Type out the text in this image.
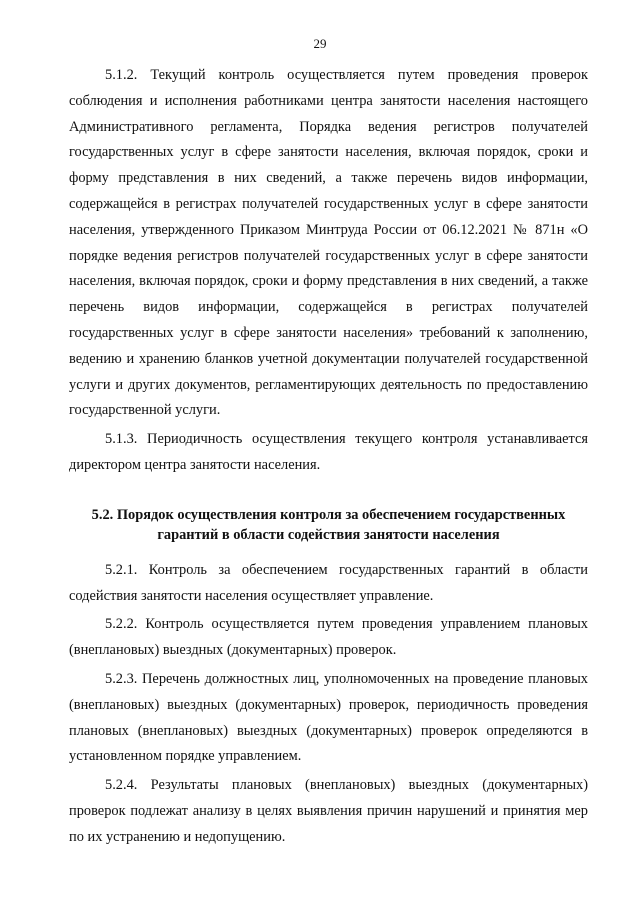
29

5.1.2. Текущий контроль осуществляется путем проведения проверок соблюдения и исполнения работниками центра занятости населения настоящего Административного регламента, Порядка ведения регистров получателей государственных услуг в сфере занятости населения, включая порядок, сроки и форму представления в них сведений, а также перечень видов информации, содержащейся в регистрах получателей государственных услуг в сфере занятости населения, утвержденного Приказом Минтруда России от 06.12.2021 № 871н «О порядке ведения регистров получателей государственных услуг в сфере занятости населения, включая порядок, сроки и форму представления в них сведений, а также перечень видов информации, содержащейся в регистрах получателей государственных услуг в сфере занятости населения» требований к заполнению, ведению и хранению бланков учетной документации получателей государственной услуги и других документов, регламентирующих деятельность по предоставлению государственной услуги.

5.1.3. Периодичность осуществления текущего контроля устанавливается директором центра занятости населения.

5.2. Порядок осуществления контроля за обеспечением государственных
гарантий в области содействия занятости населения

5.2.1. Контроль за обеспечением государственных гарантий в области содействия занятости населения осуществляет управление.

5.2.2. Контроль осуществляется путем проведения управлением плановых (внеплановых) выездных (документарных) проверок.

5.2.3. Перечень должностных лиц, уполномоченных на проведение плановых (внеплановых) выездных (документарных) проверок, периодичность проведения плановых (внеплановых) выездных (документарных) проверок определяются в установленном порядке управлением.

5.2.4. Результаты плановых (внеплановых) выездных (документарных) проверок подлежат анализу в целях выявления причин нарушений и принятия мер по их устранению и недопущению.
